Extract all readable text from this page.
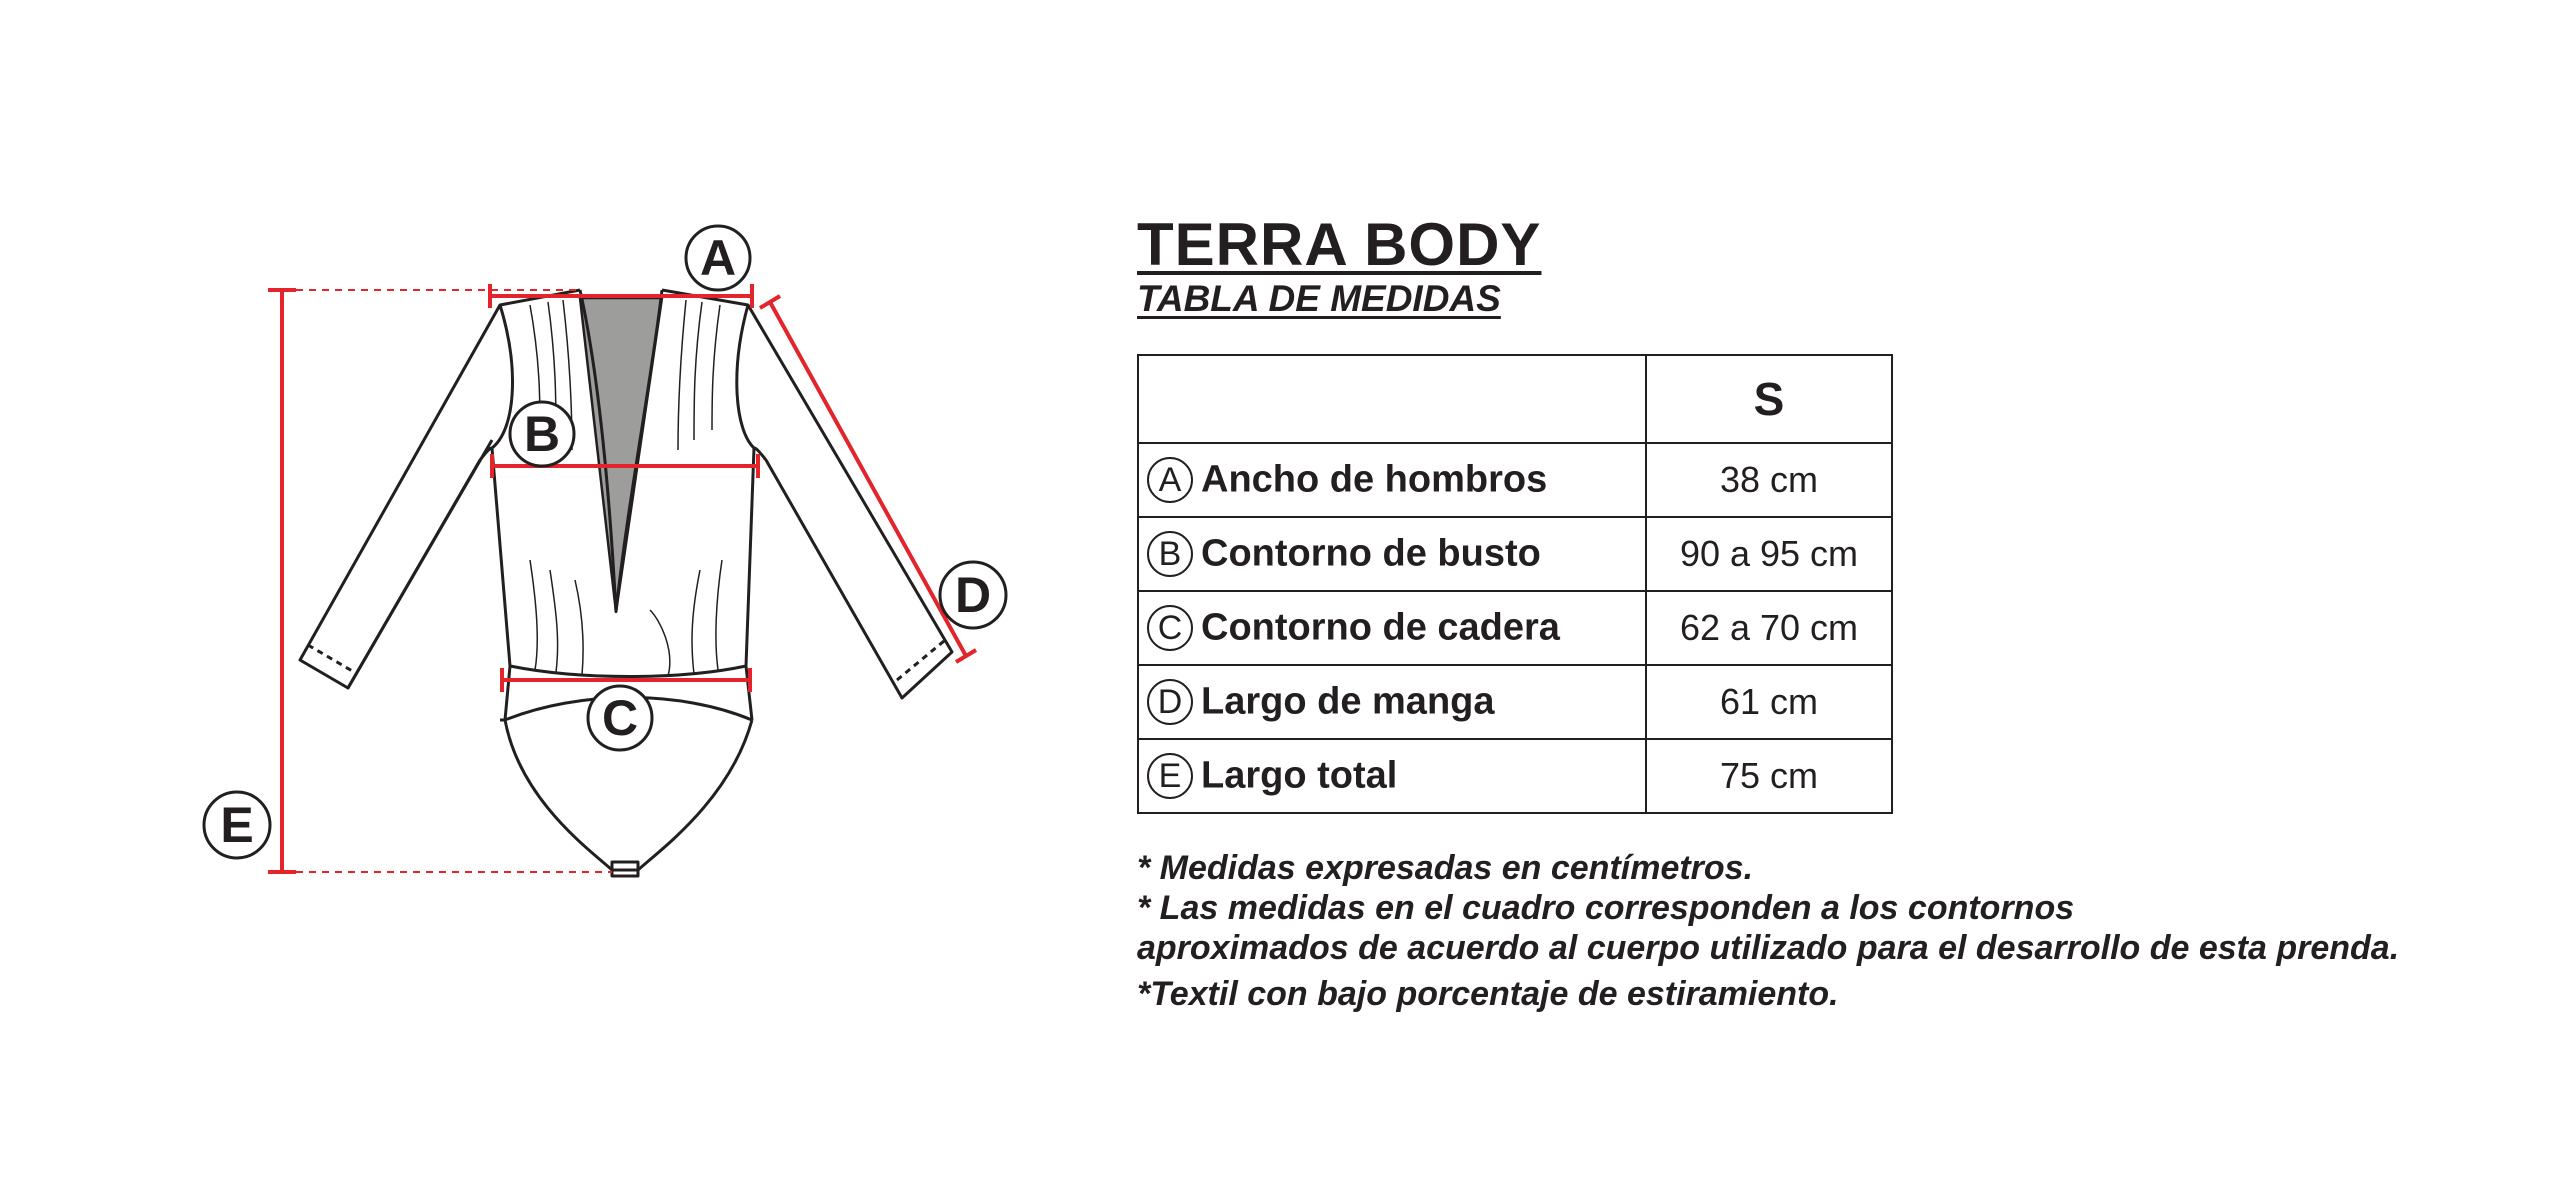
A
B
C
D
E
TERRA BODY
TABLA DE MEDIDAS
	S
A Ancho de hombros	38 cm
B Contorno de busto	90 a 95 cm
C Contorno de cadera	62 a 70 cm
D Largo de manga	61 cm
E Largo total	75 cm

* Medidas expresadas en centímetros.

* Las medidas en el cuadro corresponden a los contornos

aproximados de acuerdo al cuerpo utilizado para el desarrollo de esta prenda.

*Textil con bajo porcentaje de estiramiento.
